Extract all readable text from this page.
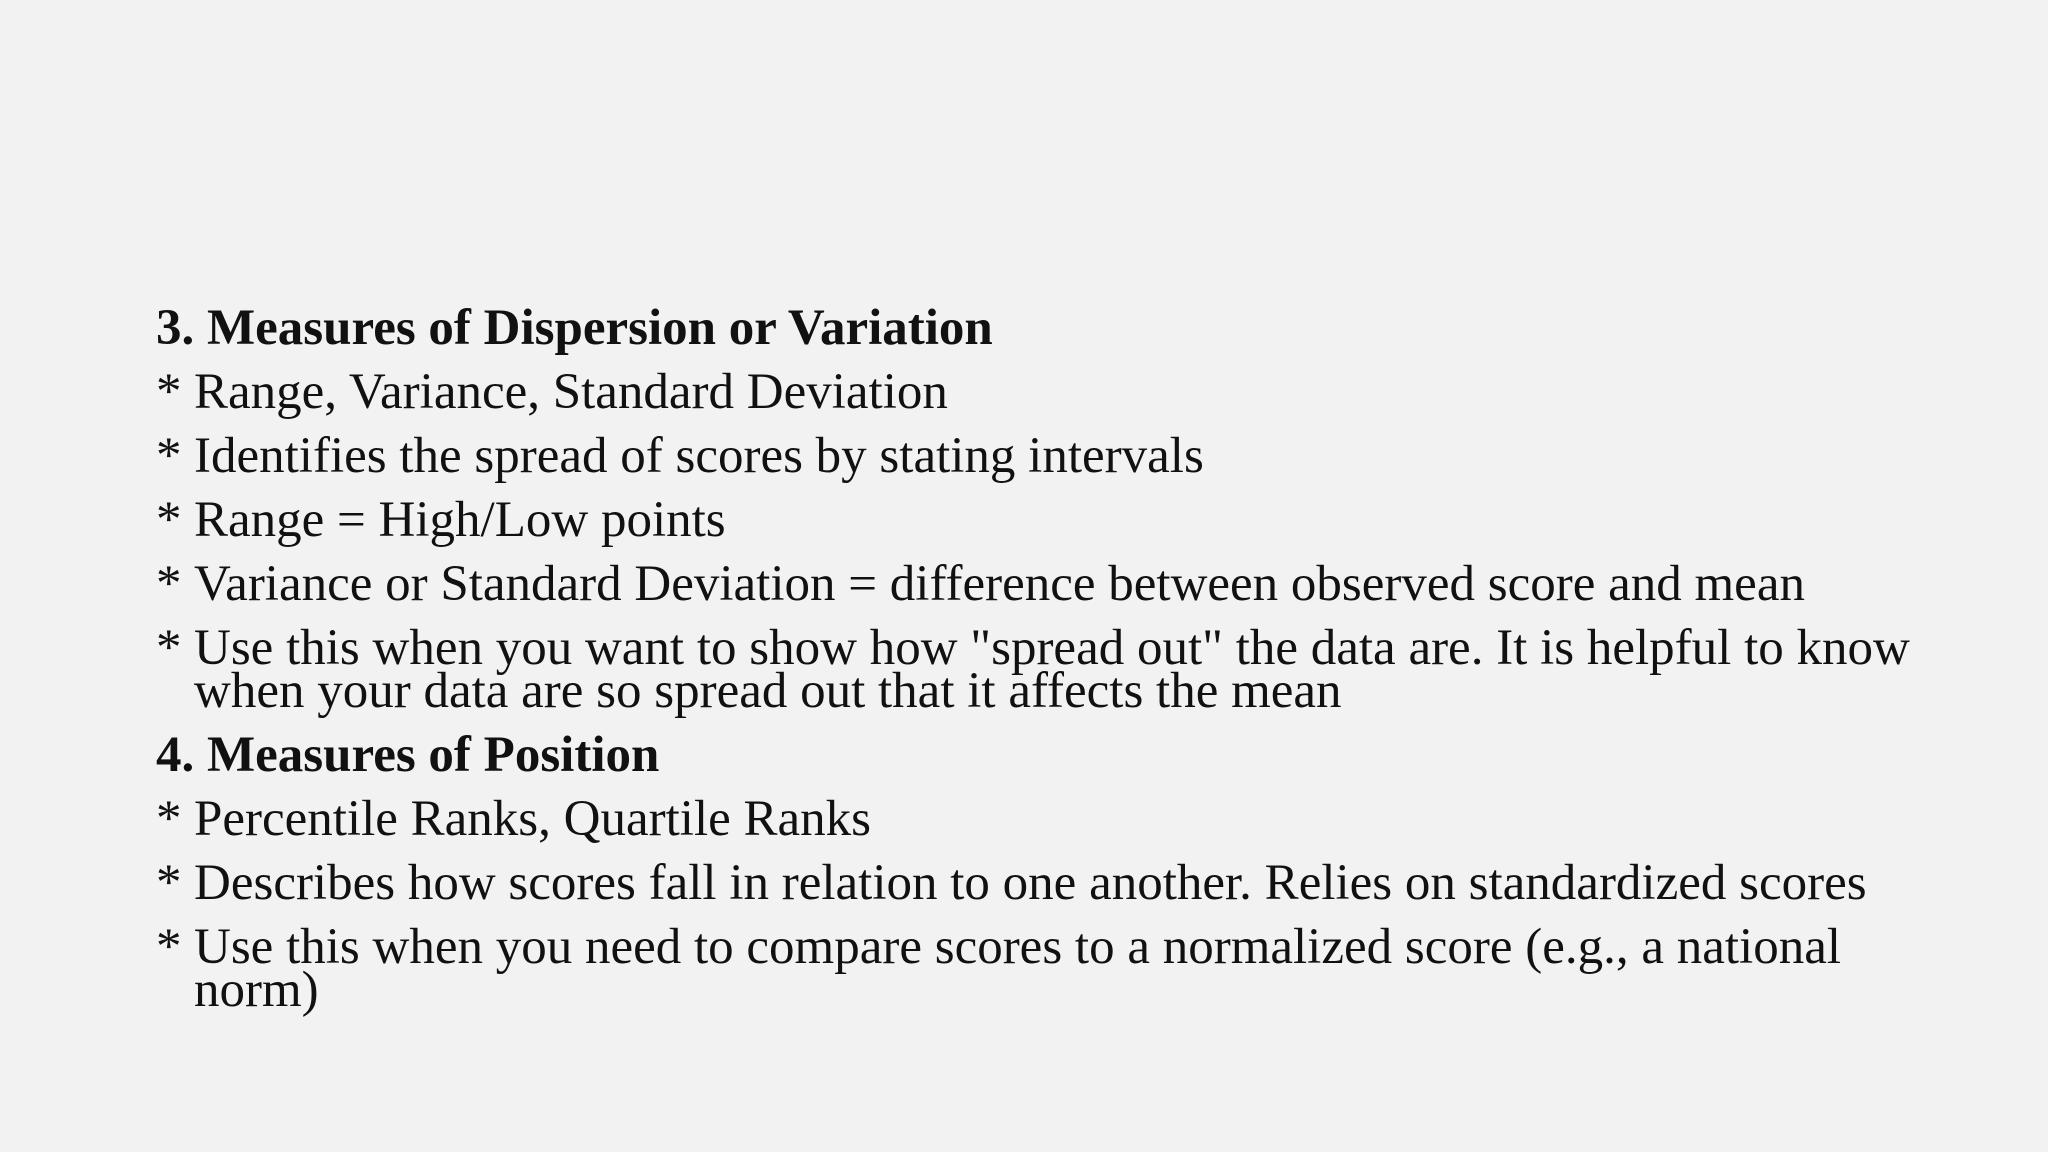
3. Measures of Dispersion or Variation
* Range, Variance, Standard Deviation
* Identifies the spread of scores by stating intervals
* Range = High/Low points
* Variance or Standard Deviation = difference between observed score and mean
* Use this when you want to show how "spread out" the data are. It is helpful to know when your data are so spread out that it affects the mean
4. Measures of Position
* Percentile Ranks, Quartile Ranks
* Describes how scores fall in relation to one another. Relies on standardized scores
* Use this when you need to compare scores to a normalized score (e.g., a national norm)
